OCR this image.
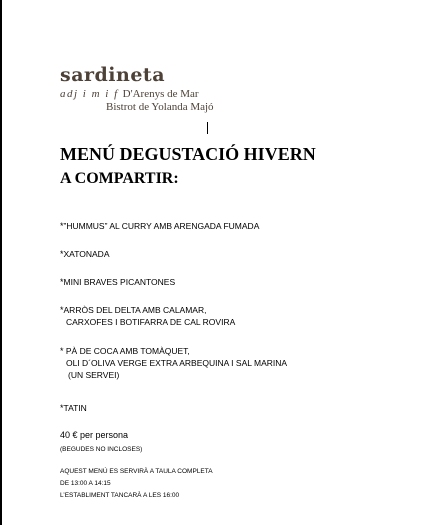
sardineta
adj i m i f D'Arenys de Mar
Bistrot de Yolanda Majó
MENÚ DEGUSTACIÓ HIVERN
A COMPARTIR:
*”HUMMUS” AL CURRY AMB ARENGADA FUMADA
*XATONADA
*MINI BRAVES PICANTONES
*ARRÒS DEL DELTA AMB CALAMAR,
CARXOFES I BOTIFARRA DE CAL ROVIRA
* PÀ DE COCA AMB TOMÀQUET,
OLI D´OLIVA VERGE EXTRA ARBEQUINA I SAL MARINA
(UN SERVEI)
*TATIN
40 € per persona
(BEGUDES NO INCLOSES)
AQUEST MENÚ ES SERVIRÀ A TAULA COMPLETA
DE 13:00 A 14:15
L’ESTABLIMENT TANCARÀ A LES 16:00
